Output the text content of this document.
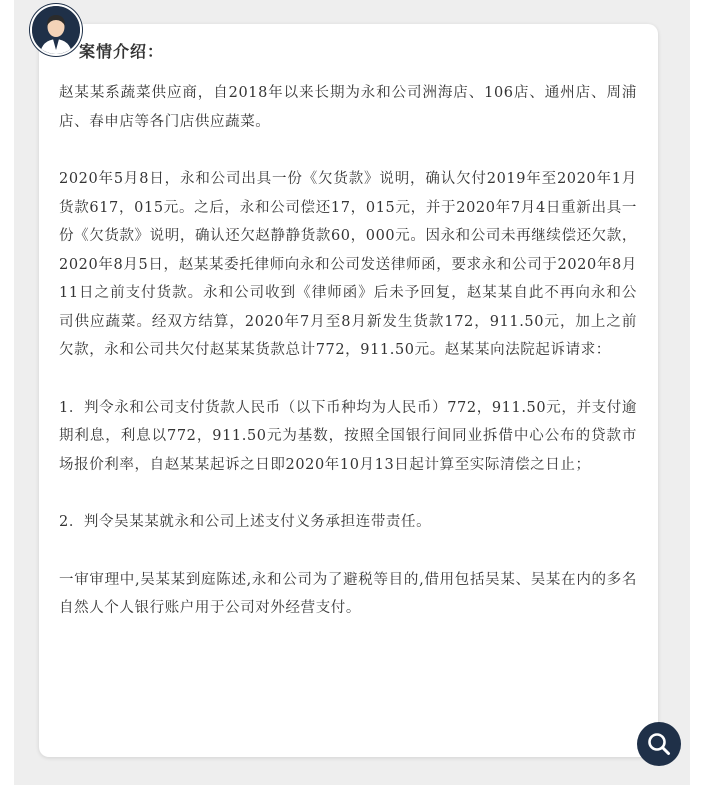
案情介绍：

赵某某系蔬菜供应商，自2018年以来长期为永和公司洲海店、106店、通州店、周浦店、春申店等各门店供应蔬菜。

2020年5月8日，永和公司出具一份《欠货款》说明，确认欠付2019年至2020年1月货款617，015元。之后，永和公司偿还17，015元，并于2020年7月4日重新出具一份《欠货款》说明，确认还欠赵静静货款60，000元。因永和公司未再继续偿还欠款，2020年8月5日，赵某某委托律师向永和公司发送律师函，要求永和公司于2020年8月11日之前支付货款。永和公司收到《律师函》后未予回复，赵某某自此不再向永和公司供应蔬菜。经双方结算，2020年7月至8月新发生货款172，911.50元，加上之前欠款，永和公司共欠付赵某某货款总计772，911.50元。赵某某向法院起诉请求：

1．判令永和公司支付货款人民币（以下币种均为人民币）772，911.50元，并支付逾期利息，利息以772，911.50元为基数，按照全国银行间同业拆借中心公布的贷款市场报价利率，自赵某某起诉之日即2020年10月13日起计算至实际清偿之日止；

2．判令吴某某就永和公司上述支付义务承担连带责任。

一审审理中,吴某某到庭陈述,永和公司为了避税等目的,借用包括吴某、吴某在内的多名自然人个人银行账户用于公司对外经营支付。
